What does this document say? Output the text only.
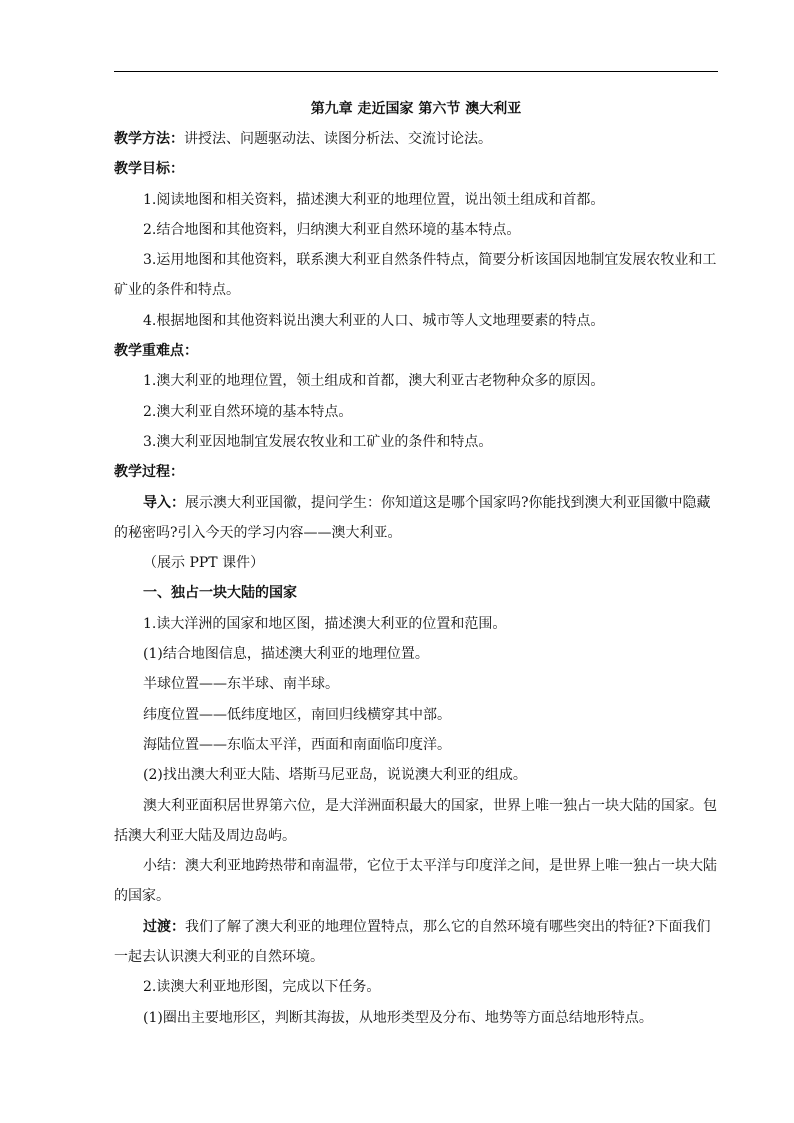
第九章 走近国家 第六节 澳大利亚

教学方法：讲授法、问题驱动法、读图分析法、交流讨论法。

教学目标：

1.阅读地图和相关资料，描述澳大利亚的地理位置，说出领土组成和首都。

2.结合地图和其他资料，归纳澳大利亚自然环境的基本特点。

3.运用地图和其他资料，联系澳大利亚自然条件特点，简要分析该国因地制宜发展农牧业和工矿业的条件和特点。

4.根据地图和其他资料说出澳大利亚的人口、城市等人文地理要素的特点。

教学重难点：

1.澳大利亚的地理位置，领土组成和首都，澳大利亚古老物种众多的原因。

2.澳大利亚自然环境的基本特点。

3.澳大利亚因地制宜发展农牧业和工矿业的条件和特点。

教学过程：

导入：展示澳大利亚国徽，提问学生：你知道这是哪个国家吗?你能找到澳大利亚国徽中隐藏的秘密吗?引入今天的学习内容——澳大利亚。

（展示 PPT 课件）

一、独占一块大陆的国家

1.读大洋洲的国家和地区图，描述澳大利亚的位置和范围。

(1)结合地图信息，描述澳大利亚的地理位置。

半球位置——东半球、南半球。

纬度位置——低纬度地区，南回归线横穿其中部。

海陆位置——东临太平洋，西面和南面临印度洋。

(2)找出澳大利亚大陆、塔斯马尼亚岛，说说澳大利亚的组成。

澳大利亚面积居世界第六位，是大洋洲面积最大的国家，世界上唯一独占一块大陆的国家。包括澳大利亚大陆及周边岛屿。

小结：澳大利亚地跨热带和南温带，它位于太平洋与印度洋之间，是世界上唯一独占一块大陆的国家。

过渡：我们了解了澳大利亚的地理位置特点，那么它的自然环境有哪些突出的特征?下面我们一起去认识澳大利亚的自然环境。

2.读澳大利亚地形图，完成以下任务。

(1)圈出主要地形区，判断其海拔，从地形类型及分布、地势等方面总结地形特点。
